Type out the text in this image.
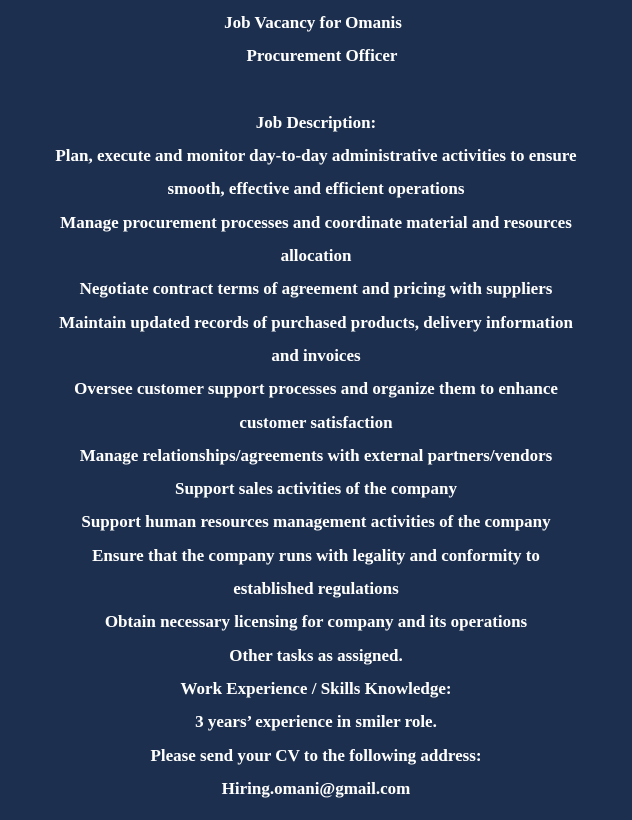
Job Vacancy for Omanis
Procurement Officer
Job Description:
Plan, execute and monitor day-to-day administrative activities to ensure
smooth, effective and efficient operations
Manage procurement processes and coordinate material and resources
allocation
Negotiate contract terms of agreement and pricing with suppliers
Maintain updated records of purchased products, delivery information
and invoices
Oversee customer support processes and organize them to enhance
customer satisfaction
Manage relationships/agreements with external partners/vendors
Support sales activities of the company
Support human resources management activities of the company
Ensure that the company runs with legality and conformity to
established regulations
Obtain necessary licensing for company and its operations
Other tasks as assigned.
Work Experience / Skills Knowledge:
3 years’ experience in smiler role.
Please send your CV to the following address:
Hiring.omani@gmail.com
